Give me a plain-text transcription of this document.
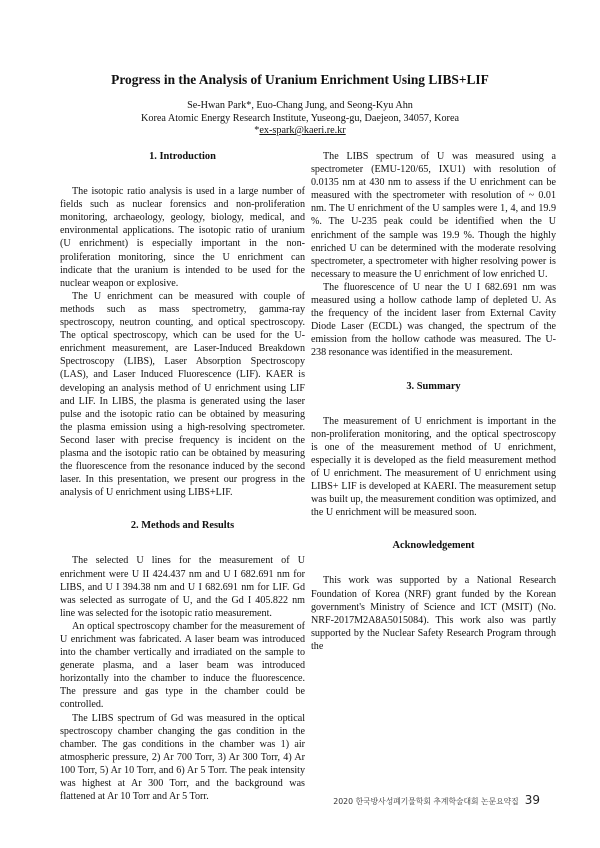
Progress in the Analysis of Uranium Enrichment Using LIBS+LIF
Se-Hwan Park*, Euo-Chang Jung, and Seong-Kyu Ahn
Korea Atomic Energy Research Institute, Yuseong-gu, Daejeon, 34057, Korea
*ex-spark@kaeri.re.kr
1. Introduction

The isotopic ratio analysis is used in a large number of fields such as nuclear forensics and non-proliferation monitoring, archaeology, geology, biology, medical, and environmental applications. The isotopic ratio of uranium (U enrichment) is especially important in the non-proliferation monitoring, since the U enrichment can indicate that the uranium is intended to be used for the nuclear weapon or explosive.

The U enrichment can be measured with couple of methods such as mass spectrometry, gamma-ray spectroscopy, neutron counting, and optical spectroscopy. The optical spectroscopy, which can be used for the U-enrichment measurement, are Laser-Induced Breakdown Spectroscopy (LIBS), Laser Absorption Spectroscopy (LAS), and Laser Induced Fluorescence (LIF). KAER is developing an analysis method of U enrichment using LIF and LIF. In LIBS, the plasma is generated using the laser pulse and the isotopic ratio can be obtained by measuring the plasma emission using a high-resolving spectrometer. Second laser with precise frequency is incident on the plasma and the isotopic ratio can be obtained by measuring the fluorescence from the resonance induced by the second laser. In this presentation, we present our progress in the analysis of U enrichment using LIBS+LIF.

2. Methods and Results

The selected U lines for the measurement of U enrichment were U II 424.437 nm and U I 682.691 nm for LIBS, and U I 394.38 nm and U I 682.691 nm for LIF. Gd was selected as surrogate of U, and the Gd I 405.822 nm line was selected for the isotopic ratio measurement.

An optical spectroscopy chamber for the measurement of U enrichment was fabricated. A laser beam was introduced into the chamber vertically and irradiated on the sample to generate plasma, and a laser beam was introduced horizontally into the chamber to induce the fluorescence. The pressure and gas type in the chamber could be controlled.

The LIBS spectrum of Gd was measured in the optical spectroscopy chamber changing the gas condition in the chamber. The gas conditions in the chamber was 1) air atmospheric pressure, 2) Ar 700 Torr, 3) Ar 300 Torr, 4) Ar 100 Torr, 5) Ar 10 Torr, and 6) Ar 5 Torr. The peak intensity was highest at Ar 300 Torr, and the background was flattened at Ar 10 Torr and Ar 5 Torr.

The LIBS spectrum of U was measured using a spectrometer (EMU-120/65, IXU1) with resolution of 0.0135 nm at 430 nm to assess if the U enrichment can be measured with the spectrometer with resolution of ~ 0.01 nm. The U enrichment of the U samples were 1, 4, and 19.9 %. The U-235 peak could be identified when the U enrichment of the sample was 19.9 %. Though the highly enriched U can be determined with the moderate resolving spectrometer, a spectrometer with higher resolving power is necessary to measure the U enrichment of low enriched U.

The fluorescence of U near the U I 682.691 nm was measured using a hollow cathode lamp of depleted U. As the frequency of the incident laser from External Cavity Diode Laser (ECDL) was changed, the spectrum of the emission from the hollow cathode was measured. The U-238 resonance was identified in the measurement.

3. Summary

The measurement of U enrichment is important in the non-proliferation monitoring, and the optical spectroscopy is one of the measurement method of U enrichment, especially it is developed as the field measurement method of U enrichment. The measurement of U enrichment using LIBS+ LIF is developed at KAERI. The measurement setup was built up, the measurement condition was optimized, and the U enrichment will be measured soon.

Acknowledgement

This work was supported by a National Research Foundation of Korea (NRF) grant funded by the Korean government's Ministry of Science and ICT (MSIT) (No. NRF-2017M2A8A5015084). This work also was partly supported by the Nuclear Safety Research Program through the

2020 한국방사성폐기물학회 추계학술대회 논문요약집 39
